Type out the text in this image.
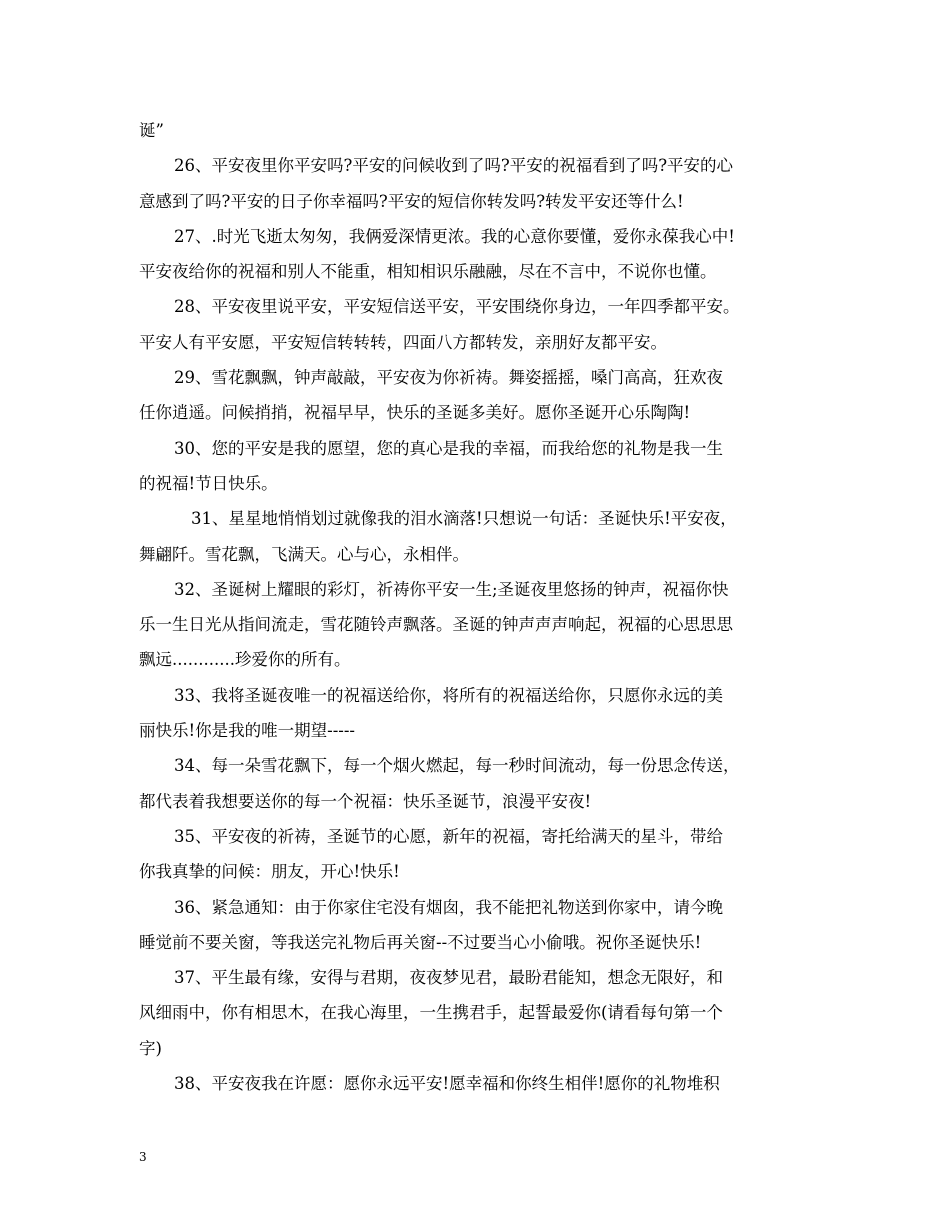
诞”
26、平安夜里你平安吗?平安的问候收到了吗?平安的祝福看到了吗?平安的心
意感到了吗?平安的日子你幸福吗?平安的短信你转发吗?转发平安还等什么!
27、.时光飞逝太匆匆，我俩爱深情更浓。我的心意你要懂，爱你永葆我心中!
平安夜给你的祝福和别人不能重，相知相识乐融融，尽在不言中，不说你也懂。
28、平安夜里说平安，平安短信送平安，平安围绕你身边，一年四季都平安。
平安人有平安愿，平安短信转转转，四面八方都转发，亲朋好友都平安。
29、雪花飘飘，钟声敲敲，平安夜为你祈祷。舞姿摇摇，嗓门高高，狂欢夜
任你逍遥。问候捎捎，祝福早早，快乐的圣诞多美好。愿你圣诞开心乐陶陶!
30、您的平安是我的愿望，您的真心是我的幸福，而我给您的礼物是我一生
的祝福!节日快乐。
31、星星地悄悄划过就像我的泪水滴落!只想说一句话：圣诞快乐!平安夜，
舞翩阡。雪花飘，飞满天。心与心，永相伴。
32、圣诞树上耀眼的彩灯，祈祷你平安一生;圣诞夜里悠扬的钟声，祝福你快
乐一生日光从指间流走，雪花随铃声飘落。圣诞的钟声声声响起，祝福的心思思思
飘远............珍爱你的所有。
33、我将圣诞夜唯一的祝福送给你，将所有的祝福送给你，只愿你永远的美
丽快乐!你是我的唯一期望-----
34、每一朵雪花飘下，每一个烟火燃起，每一秒时间流动，每一份思念传送，
都代表着我想要送你的每一个祝福：快乐圣诞节，浪漫平安夜!
35、平安夜的祈祷，圣诞节的心愿，新年的祝福，寄托给满天的星斗，带给
你我真挚的问候：朋友，开心!快乐!
36、紧急通知：由于你家住宅没有烟囱，我不能把礼物送到你家中，请今晚
睡觉前不要关窗，等我送完礼物后再关窗--不过要当心小偷哦。祝你圣诞快乐!
37、平生最有缘，安得与君期，夜夜梦见君，最盼君能知，想念无限好，和
风细雨中，你有相思木，在我心海里，一生携君手，起誓最爱你(请看每句第一个
字)
38、平安夜我在许愿：愿你永远平安!愿幸福和你终生相伴!愿你的礼物堆积
3
